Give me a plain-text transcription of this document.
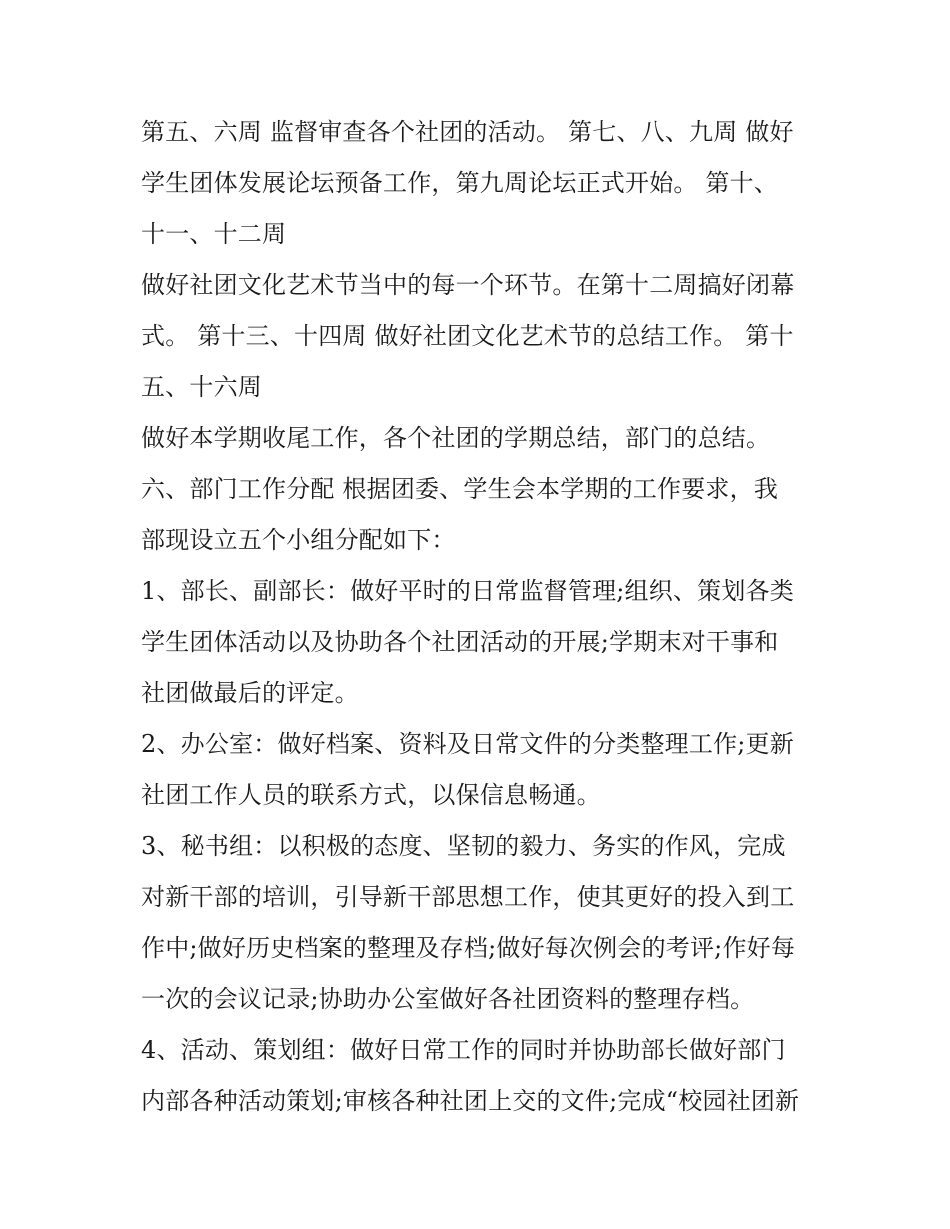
第五、六周 监督审查各个社团的活动。 第七、八、九周 做好
学生团体发展论坛预备工作，第九周论坛正式开始。 第十、
十一、十二周
做好社团文化艺术节当中的每一个环节。在第十二周搞好闭幕
式。 第十三、十四周 做好社团文化艺术节的总结工作。 第十
五、十六周
做好本学期收尾工作，各个社团的学期总结，部门的总结。
六、部门工作分配 根据团委、学生会本学期的工作要求，我
部现设立五个小组分配如下：
1、部长、副部长：做好平时的日常监督管理;组织、策划各类
学生团体活动以及协助各个社团活动的开展;学期末对干事和
社团做最后的评定。
2、办公室：做好档案、资料及日常文件的分类整理工作;更新
社团工作人员的联系方式，以保信息畅通。
3、秘书组：以积极的态度、坚韧的毅力、务实的作风，完成
对新干部的培训，引导新干部思想工作，使其更好的投入到工
作中;做好历史档案的整理及存档;做好每次例会的考评;作好每
一次的会议记录;协助办公室做好各社团资料的整理存档。
4、活动、策划组：做好日常工作的同时并协助部长做好部门
内部各种活动策划;审核各种社团上交的文件;完成“校园社团新
